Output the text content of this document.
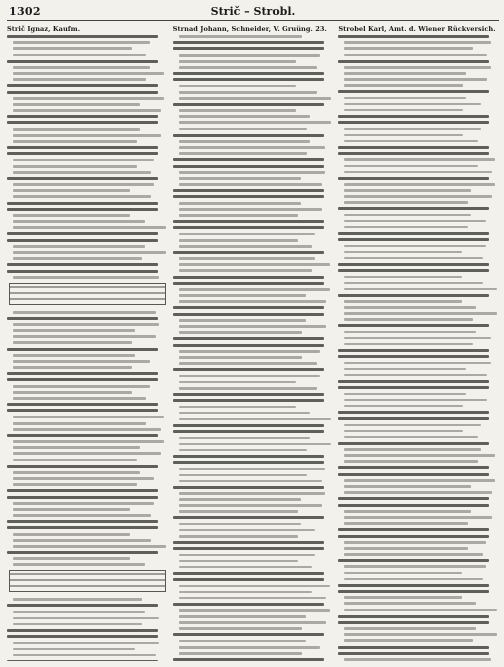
1302	Strič – Strobl.
Strič Ignaz, Kaufm.	Strnad Johann, Schneider, V. Gruüng. 23.	Strobel Karl, Amt. d. Wiener Rückversich.
